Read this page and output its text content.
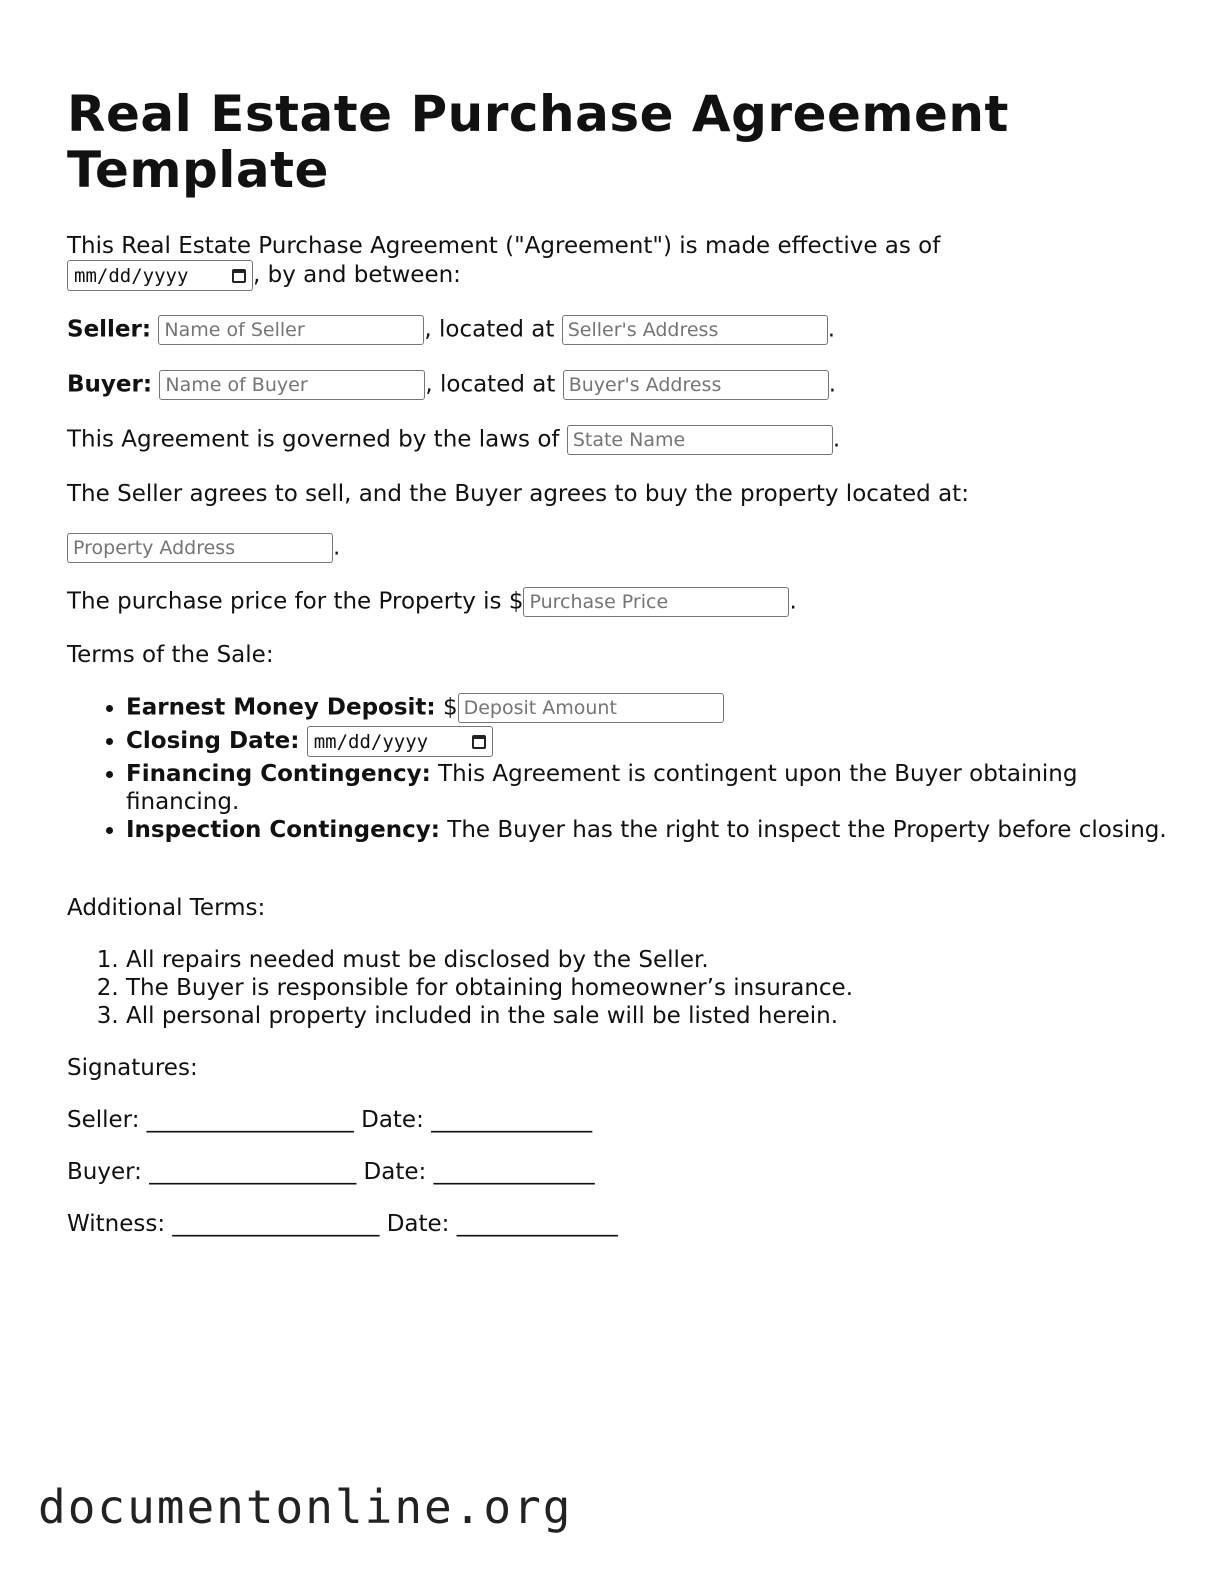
Real Estate Purchase Agreement Template
This Real Estate Purchase Agreement ("Agreement") is made effective as of
mm/dd/yyyy	, by and between:
Seller: Name of Seller	, located at Seller's Address	.
Buyer: Name of Buyer	, located at Buyer's Address	.
This Agreement is governed by the laws of State Name	.
The Seller agrees to sell, and the Buyer agrees to buy the property located at:
Property Address.
The purchase price for the Property is $Purchase Price	.
Terms of the Sale:
• Earnest Money Deposit: $Deposit Amount
• Closing Date: mm/dd/yyyy
• Financing Contingency: This Agreement is contingent upon the Buyer obtaining financing.
• Inspection Contingency: The Buyer has the right to inspect the Property before closing.
Additional Terms:
1. All repairs needed must be disclosed by the Seller.
2. The Buyer is responsible for obtaining homeowner’s insurance.
3. All personal property included in the sale will be listed herein.
Signatures:
Seller: __________________ Date: ______________
Buyer: __________________ Date: ______________
Witness: __________________ Date: ______________
documentonline.org
